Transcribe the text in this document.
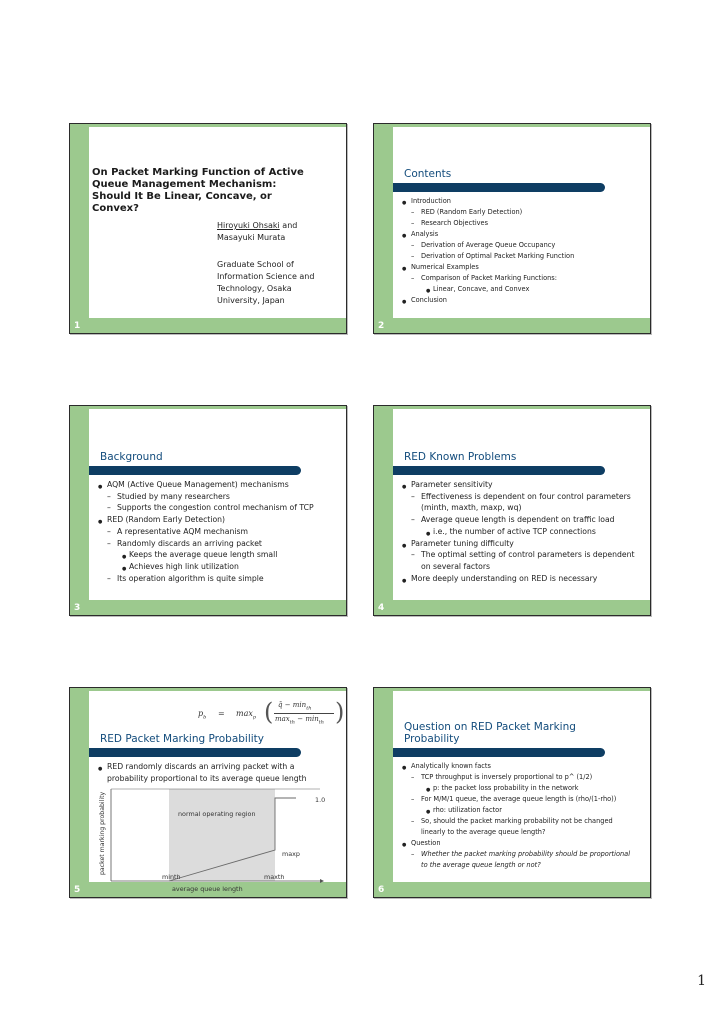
1
On Packet Marking Function of Active Queue Management Mechanism: Should It Be Linear, Concave, or Convex?
Hiroyuki Ohsaki and
Masayuki Murata
Graduate School of Information Science and Technology, Osaka University, Japan
2
Contents
● Introduction
– RED (Random Early Detection)
– Research Objectives
● Analysis
– Derivation of Average Queue Occupancy
– Derivation of Optimal Packet Marking Function
● Numerical Examples
– Comparison of Packet Marking Functions:
● Linear, Concave, and Convex
● Conclusion
3
Background
● AQM (Active Queue Management) mechanisms
– Studied by many researchers
– Supports the congestion control mechanism of TCP
● RED (Random Early Detection)
– A representative AQM mechanism
– Randomly discards an arriving packet
● Keeps the average queue length small
● Achieves high link utilization
– Its operation algorithm is quite simple
4
RED Known Problems
● Parameter sensitivity
– Effectiveness is dependent on four control parameters (minth, maxth, maxp, wq)
– Average queue length is dependent on traffic load
● i.e., the number of active TCP connections
● Parameter tuning difficulty
– The optimal setting of control parameters is dependent on several factors
● More deeply understanding on RED is necessary
5
$p_b = \max_p$ ( q̄ − $\min_{th}$
$\max_{th} - \min_{th}$ )
RED Packet Marking Probability
● RED randomly discards an arriving packet with a probability proportional to its average queue length
packet marking probability
average queue length
normal operating region
1.0
maxp
minth	maxth
6
Question on RED Packet Marking
Probability
● Analytically known facts
– TCP throughput is inversely proportional to p^ (1/2)
● p: the packet loss probability in the network
– For M/M/1 queue, the average queue length is (rho/(1-rho))
● rho: utilization factor
– So, should the packet marking probability not be changed linearly to the average queue length?
● Question
– Whether the packet marking probability should be proportional to the average queue length or not?
1
